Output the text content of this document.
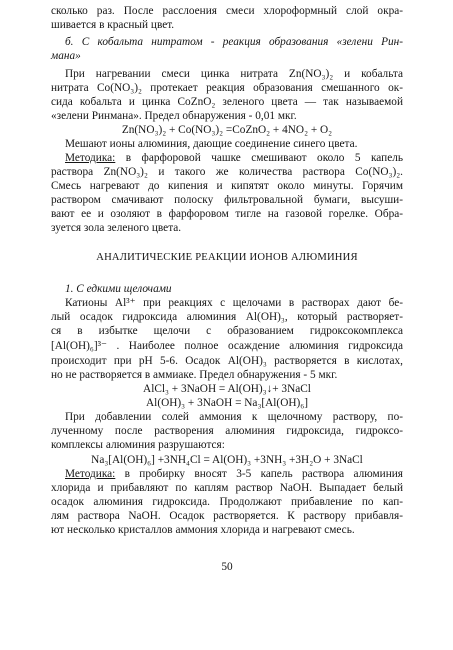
сколько раз. После расслоения смеси хлороформный слой окра-
шивается в красный цвет.
б. С кобальта нитратом - реакция образования «зелени Рин-
мана»
При нагревании смеси цинка нитрата Zn(NO₃)₂ и кобальта
нитрата Co(NO₃)₂ протекает реакция образования смешанного ок-
сида кобальта и цинка CoZnO₂ зеленого цвета — так называемой
«зелени Ринмана». Предел обнаружения - 0,01 мкг.
Zn(NO₃)₂ + Co(NO₃)₂ =CoZnO₂ + 4NO₂ + O₂
Мешают ионы алюминия, дающие соединение синего цвета.
Методика: в фарфоровой чашке смешивают около 5 капель
раствора Zn(NO₃)₂ и такого же количества раствора Co(NO₃)₂.
Смесь нагревают до кипения и кипятят около минуты. Горячим
раствором смачивают полоску фильтровальной бумаги, высуши-
вают ее и озоляют в фарфоровом тигле на газовой горелке. Обра-
зуется зола зеленого цвета.
АНАЛИТИЧЕСКИЕ РЕАКЦИИ ИОНОВ АЛЮМИНИЯ
1. С едкими щелочами
Катионы Al³⁺ при реакциях с щелочами в растворах дают бе-
лый осадок гидроксида алюминия Al(OH)₃, который растворяет-
ся в избытке щелочи с образованием гидроксокомплекса
[Al(OH)₆]³⁻ . Наиболее полное осаждение алюминия гидроксида
происходит при рН 5-6. Осадок Al(OH)₃ растворяется в кислотах,
но не растворяется в аммиаке. Предел обнаружения - 5 мкг.
AlCl₃ + 3NaOH = Al(OH)₃↓+ 3NaCl
Al(OH)₃ + 3NaOH = Na₃[Al(OH)₆]
При добавлении солей аммония к щелочному раствору, по-
лученному после растворения алюминия гидроксида, гидроксо-
комплексы алюминия разрушаются:
Na₃[Al(OH)₆] +3NH₄Cl = Al(OH)₃ +3NH₃ +3H₂O + 3NaCl
Методика: в пробирку вносят 3-5 капель раствора алюминия
хлорида и прибавляют по каплям раствор NaOH. Выпадает белый
осадок алюминия гидроксида. Продолжают прибавление по кап-
лям раствора NaOH. Осадок растворяется. К раствору прибавля-
ют несколько кристаллов аммония хлорида и нагревают смесь.
50
